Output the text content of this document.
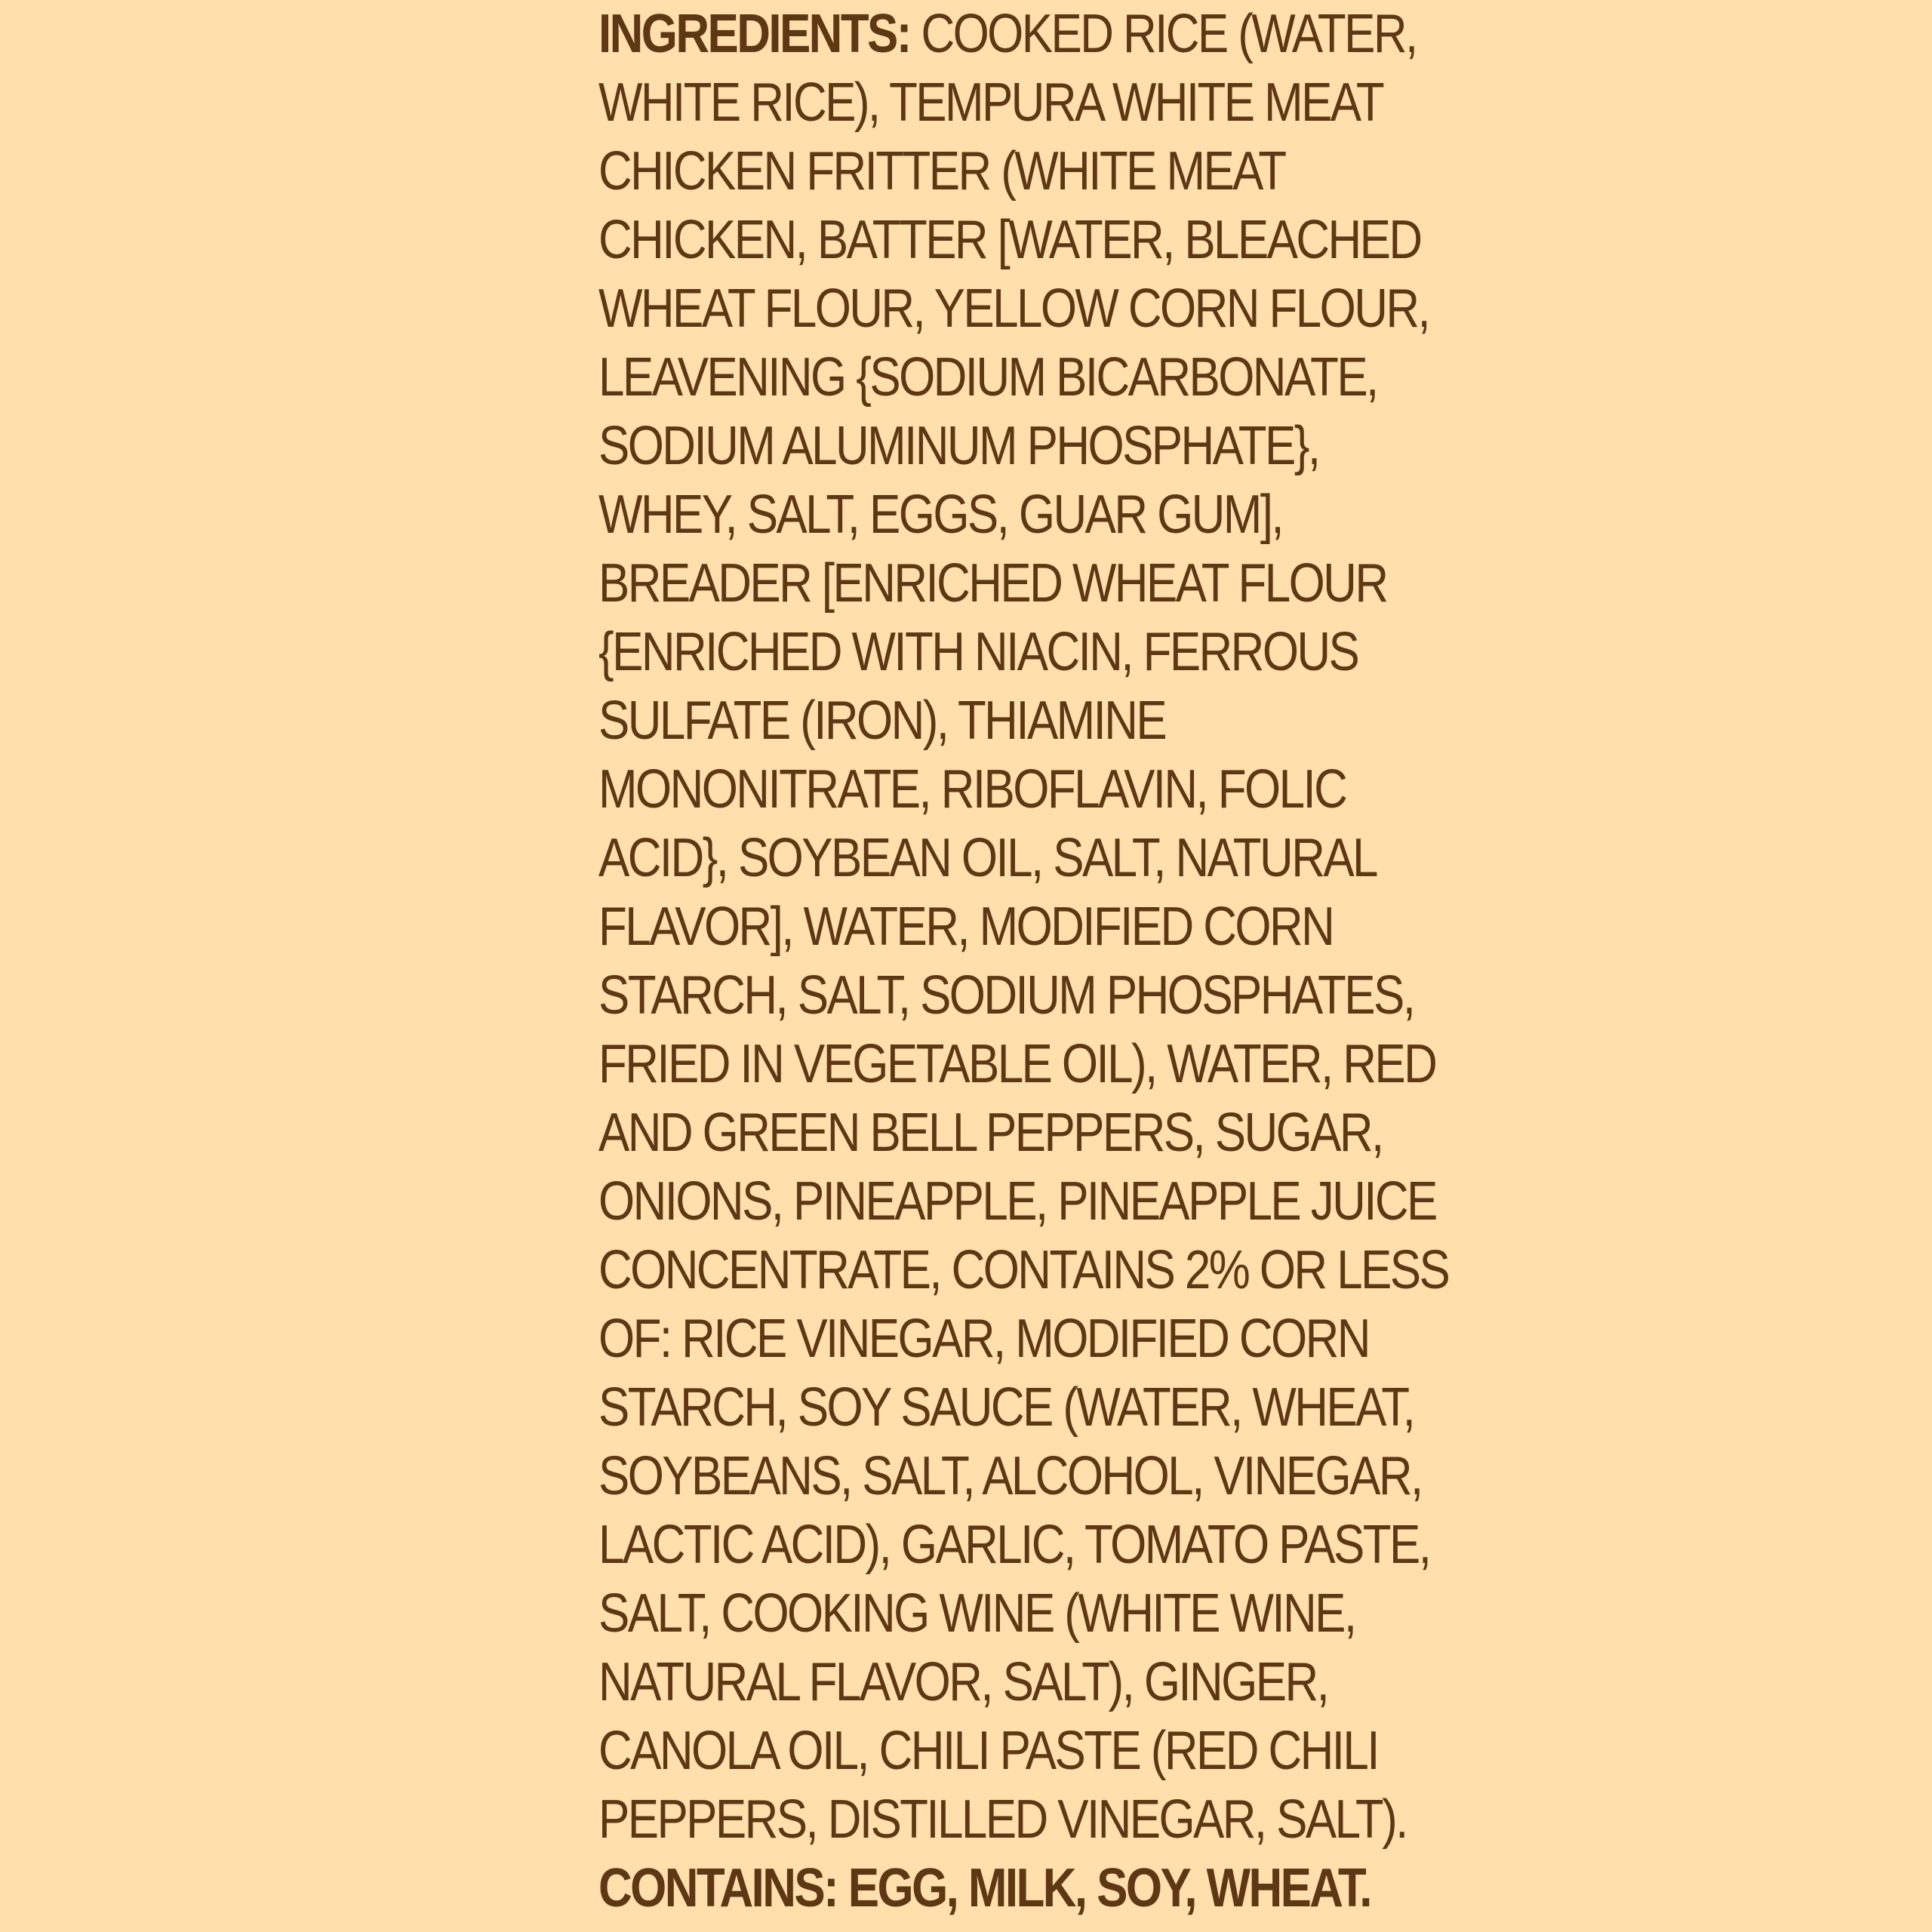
INGREDIENTS: COOKED RICE (WATER,
WHITE RICE), TEMPURA WHITE MEAT
CHICKEN FRITTER (WHITE MEAT
CHICKEN, BATTER [WATER, BLEACHED
WHEAT FLOUR, YELLOW CORN FLOUR,
LEAVENING {SODIUM BICARBONATE,
SODIUM ALUMINUM PHOSPHATE},
WHEY, SALT, EGGS, GUAR GUM],
BREADER [ENRICHED WHEAT FLOUR
{ENRICHED WITH NIACIN, FERROUS
SULFATE (IRON), THIAMINE
MONONITRATE, RIBOFLAVIN, FOLIC
ACID}, SOYBEAN OIL, SALT, NATURAL
FLAVOR], WATER, MODIFIED CORN
STARCH, SALT, SODIUM PHOSPHATES,
FRIED IN VEGETABLE OIL), WATER, RED
AND GREEN BELL PEPPERS, SUGAR,
ONIONS, PINEAPPLE, PINEAPPLE JUICE
CONCENTRATE, CONTAINS 2% OR LESS
OF: RICE VINEGAR, MODIFIED CORN
STARCH, SOY SAUCE (WATER, WHEAT,
SOYBEANS, SALT, ALCOHOL, VINEGAR,
LACTIC ACID), GARLIC, TOMATO PASTE,
SALT, COOKING WINE (WHITE WINE,
NATURAL FLAVOR, SALT), GINGER,
CANOLA OIL, CHILI PASTE (RED CHILI
PEPPERS, DISTILLED VINEGAR, SALT).
CONTAINS: EGG, MILK, SOY, WHEAT.
